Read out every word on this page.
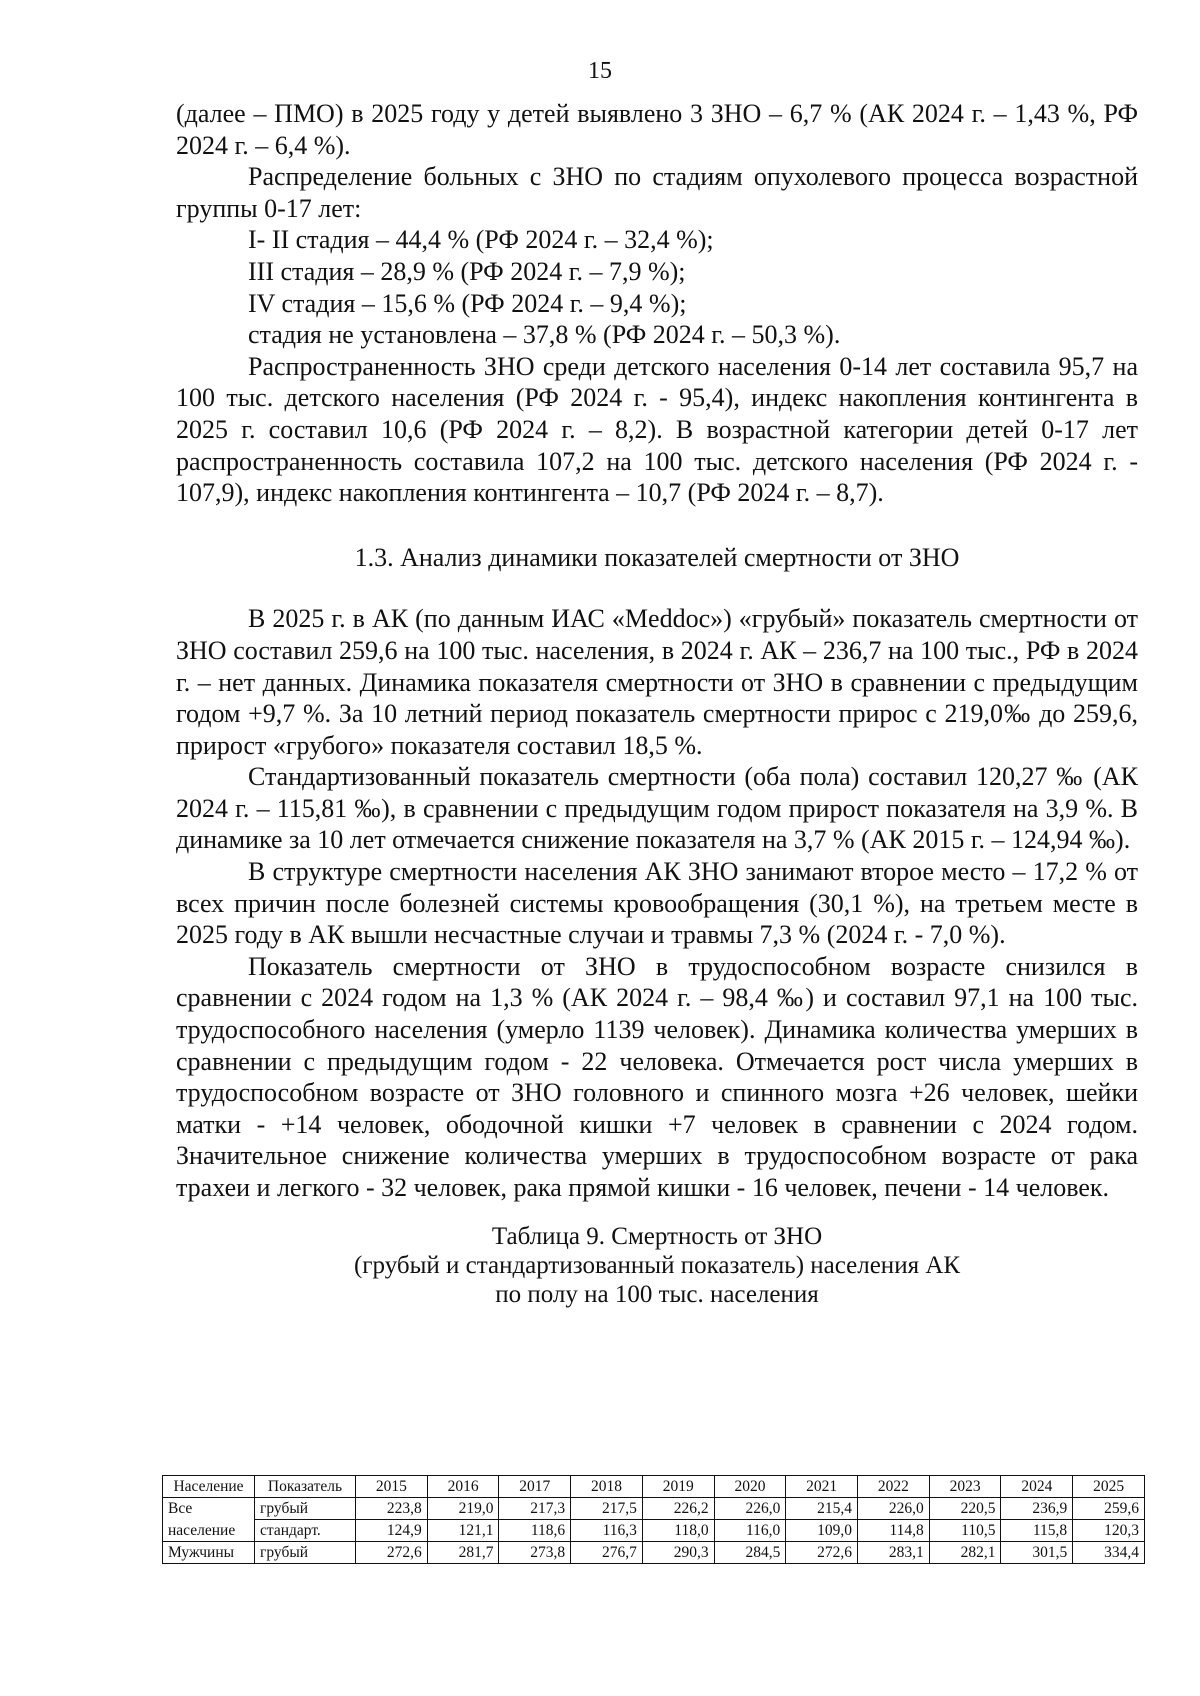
15

(далее – ПМО) в 2025 году у детей выявлено 3 ЗНО – 6,7 % (АК 2024 г. – 1,43 %, РФ 2024 г. – 6,4 %).

Распределение больных с ЗНО по стадиям опухолевого процесса возрастной группы 0-17 лет:

I- II стадия – 44,4 % (РФ 2024 г. – 32,4 %);

III стадия – 28,9 % (РФ 2024 г. – 7,9 %);

IV стадия – 15,6 % (РФ 2024 г. – 9,4 %);

стадия не установлена – 37,8 % (РФ 2024 г. – 50,3 %).

Распространенность ЗНО среди детского населения 0-14 лет составила 95,7 на 100 тыс. детского населения (РФ 2024 г. - 95,4), индекс накопления контингента в 2025 г. составил 10,6 (РФ 2024 г. – 8,2). В возрастной категории детей 0-17 лет распространенность составила 107,2 на 100 тыс. детского населения (РФ 2024 г. - 107,9), индекс накопления контингента – 10,7 (РФ 2024 г. – 8,7).

1.3. Анализ динамики показателей смертности от ЗНО

В 2025 г. в АК (по данным ИАС «Meddoc») «грубый» показатель смертности от ЗНО составил 259,6 на 100 тыс. населения, в 2024 г. АК – 236,7 на 100 тыс., РФ в 2024 г. – нет данных. Динамика показателя смертности от ЗНО в сравнении с предыдущим годом +9,7 %. За 10 летний период показатель смертности прирос с 219,0‰ до 259,6, прирост «грубого» показателя составил 18,5 %.

Стандартизованный показатель смертности (оба пола) составил 120,27 ‰ (АК 2024 г. – 115,81 ‰), в сравнении с предыдущим годом прирост показателя на 3,9 %. В динамике за 10 лет отмечается снижение показателя на 3,7 % (АК 2015 г. – 124,94 ‰).

В структуре смертности населения АК ЗНО занимают второе место – 17,2 % от всех причин после болезней системы кровообращения (30,1 %), на третьем месте в 2025 году в АК вышли несчастные случаи и травмы 7,3 % (2024 г. - 7,0 %).

Показатель смертности от ЗНО в трудоспособном возрасте снизился в сравнении с 2024 годом на 1,3 % (АК 2024 г. – 98,4 ‰) и составил 97,1 на 100 тыс. трудоспособного населения (умерло 1139 человек). Динамика количества умерших в сравнении с предыдущим годом - 22 человека. Отмечается рост числа умерших в трудоспособном возрасте от ЗНО головного и спинного мозга +26 человек, шейки матки - +14 человек, ободочной кишки +7 человек в сравнении с 2024 годом. Значительное снижение количества умерших в трудоспособном возрасте от рака трахеи и легкого - 32 человек, рака прямой кишки - 16 человек, печени - 14 человек.

Таблица 9. Смертность от ЗНО
(грубый и стандартизованный показатель) населения АК
по полу на 100 тыс. населения
Население	Показатель	2015	2016	2017	2018	2019	2020	2021	2022	2023	2024	2025
Все	грубый	223,8	219,0	217,3	217,5	226,2	226,0	215,4	226,0	220,5	236,9	259,6
население	стандарт.	124,9	121,1	118,6	116,3	118,0	116,0	109,0	114,8	110,5	115,8	120,3
Мужчины	грубый	272,6	281,7	273,8	276,7	290,3	284,5	272,6	283,1	282,1	301,5	334,4
